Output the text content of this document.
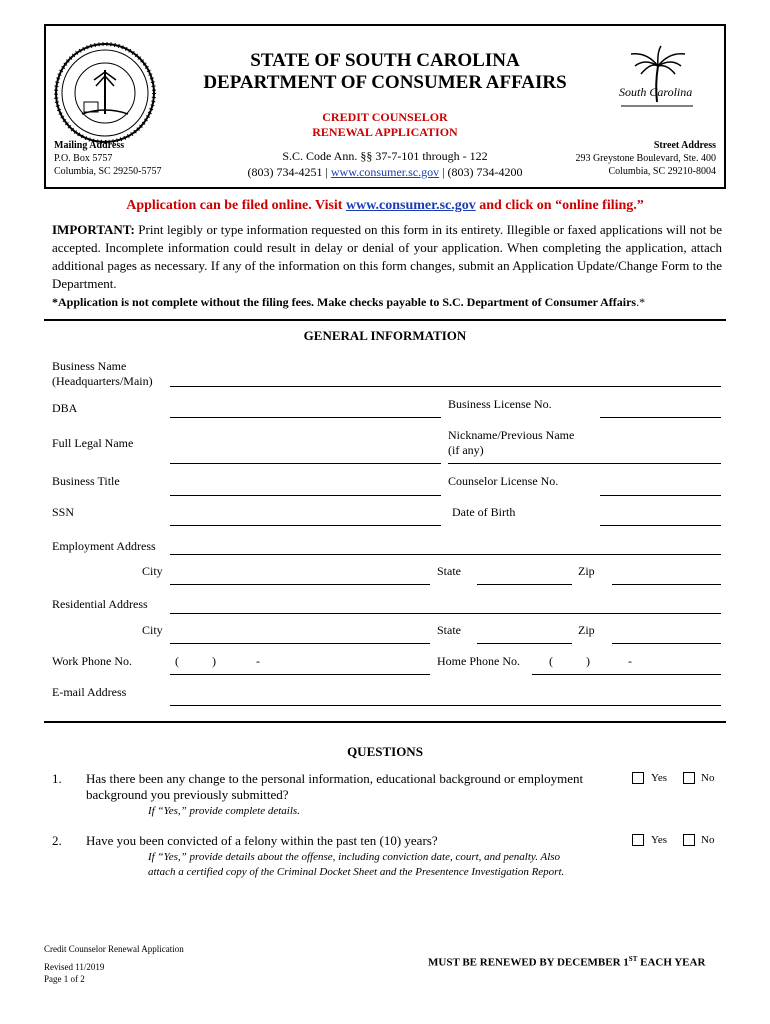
STATE OF SOUTH CAROLINA
DEPARTMENT OF CONSUMER AFFAIRS
CREDIT COUNSELOR
RENEWAL APPLICATION
S.C. Code Ann. §§ 37-7-101 through - 122
(803) 734-4251 | www.consumer.sc.gov | (803) 734-4200
Mailing Address
P.O. Box 5757
Columbia, SC 29250-5757
Street Address
293 Greystone Boulevard, Ste. 400
Columbia, SC 29210-8004
South Carolina
Application can be filed online. Visit www.consumer.sc.gov and click on “online filing.”
IMPORTANT: Print legibly or type information requested on this form in its entirety. Illegible or faxed applications will not be accepted. Incomplete information could result in delay or denial of your application. When completing the application, attach additional pages as necessary. If any of the information on this form changes, submit an Application Update/Change Form to the Department.
*Application is not complete without the filing fees. Make checks payable to S.C. Department of Consumer Affairs.*
GENERAL INFORMATION
Business Name
(Headquarters/Main)
DBA	Business License No.
Full Legal Name
Nickname/Previous Name
(if any)
Business Title	Counselor License No.
SSN	Date of Birth
Employment Address
City	State	Zip
Residential Address
City	State	Zip
Work Phone No.	(	)	-	Home Phone No. (	)	-
E-mail Address
QUESTIONS
1. Has there been any change to the personal information, educational background or employment
background you previously submitted?
If “Yes,” provide complete details.
Yes	No
2. Have you been convicted of a felony within the past ten (10) years?
If “Yes,” provide details about the offense, including conviction date, court, and penalty. Also
attach a certified copy of the Criminal Docket Sheet and the Presentence Investigation Report.
Yes	No
Credit Counselor Renewal Application
Revised 11/2019
Page 1 of 2
MUST BE RENEWED BY DECEMBER 1ST EACH YEAR
